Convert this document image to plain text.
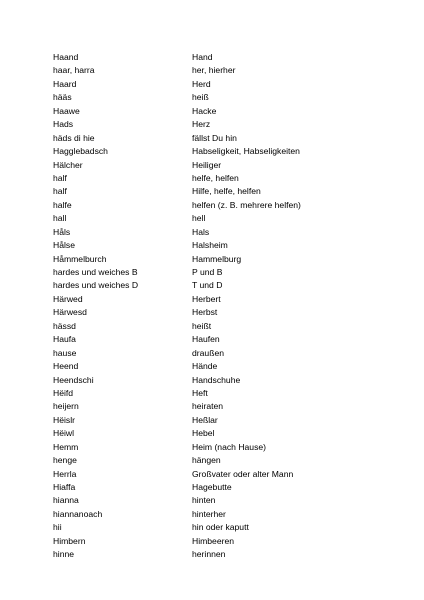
Haand	Hand
haar, harra	her, hierher
Haard	Herd
hääs	heiß
Haawe	Hacke
Hads	Herz
häds di hie	fällst Du hin
Hagglebadsch	Habseligkeit, Habseligkeiten
Hälcher	Heiliger
half	helfe, helfen
half	Hilfe, helfe, helfen
halfe	helfen (z. B. mehrere helfen)
hall	hell
Håls	Hals
Hålse	Halsheim
Håmmelburch	Hammelburg
hardes und weiches B	P und B
hardes und weiches D	T und D
Härwed	Herbert
Härwesd	Herbst
hässd	heißt
Haufa	Haufen
hause	draußen
Heend	Hände
Heendschi	Handschuhe
Hëifd	Heft
heijern	heiraten
Hëislr	Heßlar
Hëiwl	Hebel
Hemm	Heim (nach Hause)
henge	hängen
Herrla	Großvater oder alter Mann
Hiaffa	Hagebutte
hianna	hinten
hiannanoach	hinterher
hii	hin oder kaputt
Himbern	Himbeeren
hinne	herinnen
